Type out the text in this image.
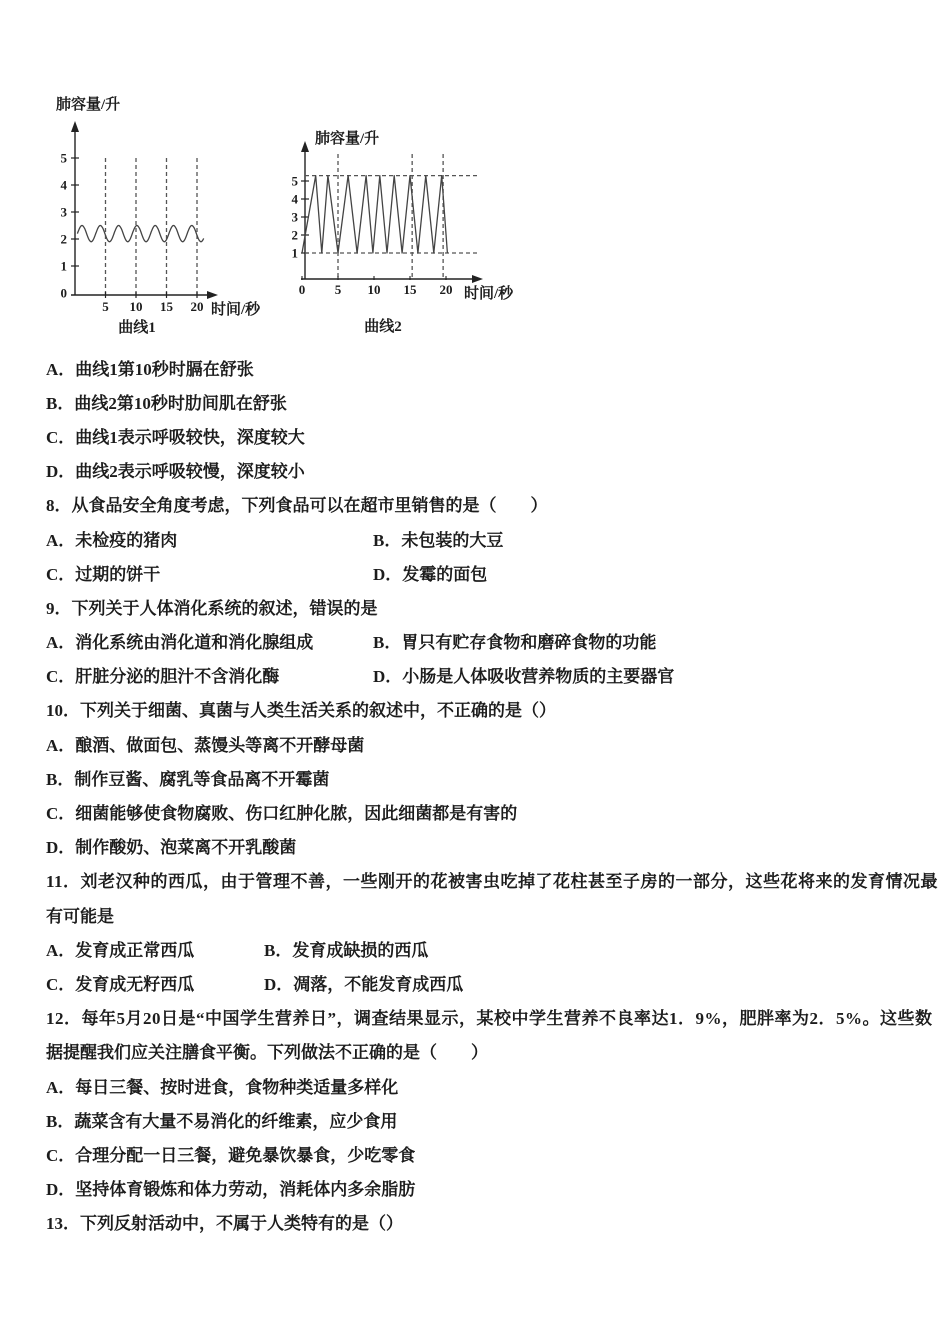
肺容量/升
0
1
2
3
4
5
5 10 15 20 时间/秒
曲线1
肺容量/升
1
2
3
4
5
0 5 10 15 20 时间/秒
曲线2
A．曲线1第10秒时膈在舒张
B．曲线2第10秒时肋间肌在舒张
C．曲线1表示呼吸较快，深度较大
D．曲线2表示呼吸较慢，深度较小
8．从食品安全角度考虑，下列食品可以在超市里销售的是（　　）
A．未检疫的猪肉	B．未包装的大豆
C．过期的饼干	D．发霉的面包
9．下列关于人体消化系统的叙述，错误的是
A．消化系统由消化道和消化腺组成	B．胃只有贮存食物和磨碎食物的功能
C．肝脏分泌的胆汁不含消化酶	D．小肠是人体吸收营养物质的主要器官
10．下列关于细菌、真菌与人类生活关系的叙述中，不正确的是（）
A．酿酒、做面包、蒸馒头等离不开酵母菌
B．制作豆酱、腐乳等食品离不开霉菌
C．细菌能够使食物腐败、伤口红肿化脓，因此细菌都是有害的
D．制作酸奶、泡菜离不开乳酸菌
11．刘老汉种的西瓜，由于管理不善，一些刚开的花被害虫吃掉了花柱甚至子房的一部分，这些花将来的发育情况最
有可能是
A．发育成正常西瓜	B．发育成缺损的西瓜
C．发育成无籽西瓜	D．凋落，不能发育成西瓜
12．每年5月20日是“中国学生营养日”，调查结果显示，某校中学生营养不良率达1．9%，肥胖率为2．5%。这些数
据提醒我们应关注膳食平衡。下列做法不正确的是（　　）
A．每日三餐、按时进食，食物种类适量多样化
B．蔬菜含有大量不易消化的纤维素，应少食用
C．合理分配一日三餐，避免暴饮暴食，少吃零食
D．坚持体育锻炼和体力劳动，消耗体内多余脂肪
13．下列反射活动中，不属于人类特有的是（）
